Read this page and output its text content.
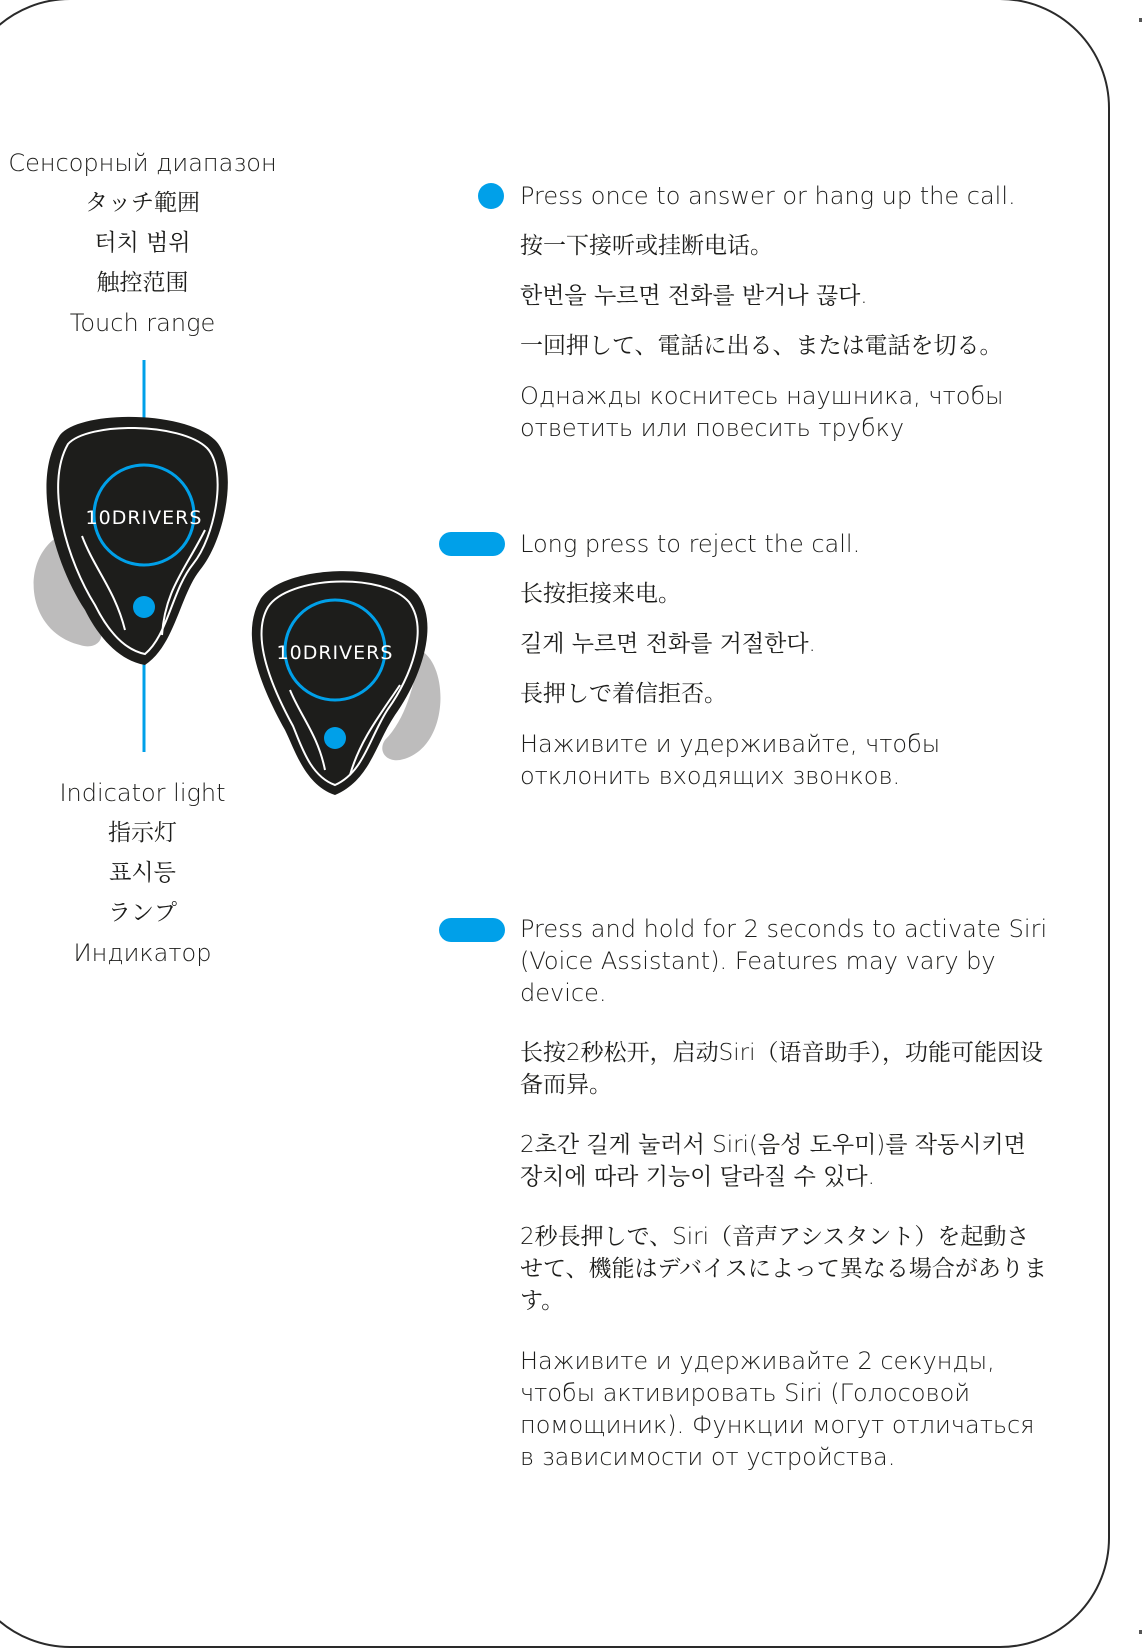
Сенсорный диапазон
タッチ範囲
터치 범위
触控范围
Touch range
10DRIVERS
10DRIVERS
Indicator light
指示灯
표시등
ランプ
Индикатор

Press once to answer or hang up the call.

按一下接听或挂断电话。

한번을 누르면 전화를 받거나 끊다.

一回押して、電話に出る、または電話を切る。

Однажды коснитесь наушника, чтобы ответить или повесить трубку

Long press to reject the call.

长按拒接来电。

길게 누르면 전화를 거절한다.

長押しで着信拒否。

Наживите и удерживайте, чтобы отклонить входящих звонков.

Press and hold for 2 seconds to activate Siri (Voice Assistant). Features may vary by device.

长按2秒松开，启动Siri（语音助手），功能可能因设备而异。

2초간 길게 눌러서 Siri(음성 도우미)를 작동시키면 장치에 따라 기능이 달라질 수 있다.

2秒長押しで、Siri（音声アシスタント）を起動させて、機能はデバイスによって異なる場合があります。

Наживите и удерживайте 2 секунды, чтобы активировать Siri (Голосовой помощиник). Функции могут отличаться в зависимости от устройства.
